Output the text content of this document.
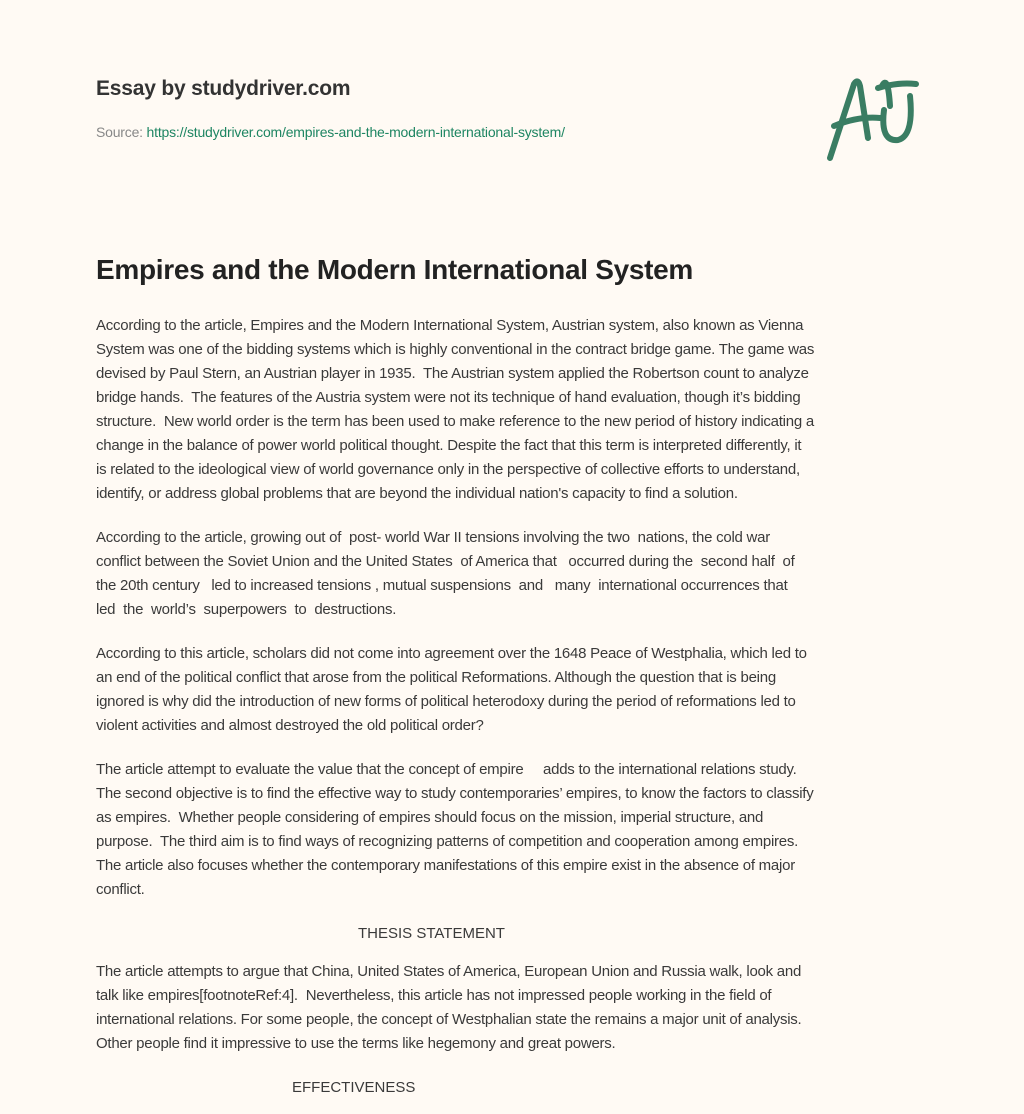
Essay by studydriver.com
Source: https://studydriver.com/empires-and-the-modern-international-system/
Empires and the Modern International System
According to the article, Empires and the Modern International System, Austrian system, also known as Vienna
System was one of the bidding systems which is highly conventional in the contract bridge game. The game was
devised by Paul Stern, an Austrian player in 1935.  The Austrian system applied the Robertson count to analyze
bridge hands.  The features of the Austria system were not its technique of hand evaluation, though it’s bidding
structure.  New world order is the term has been used to make reference to the new period of history indicating a
change in the balance of power world political thought. Despite the fact that this term is interpreted differently, it
is related to the ideological view of world governance only in the perspective of collective efforts to understand,
identify, or address global problems that are beyond the individual nation's capacity to find a solution.
According to the article, growing out of  post- world War II tensions involving the two  nations, the cold war
conflict between the Soviet Union and the United States  of America that   occurred during the  second half  of
the 20th century   led to increased tensions , mutual suspensions  and   many  international occurrences that
led  the  world’s  superpowers  to  destructions.
According to this article, scholars did not come into agreement over the 1648 Peace of Westphalia, which led to
an end of the political conflict that arose from the political Reformations. Although the question that is being
ignored is why did the introduction of new forms of political heterodoxy during the period of reformations led to
violent activities and almost destroyed the old political order?
The article attempt to evaluate the value that the concept of empire     adds to the international relations study.
The second objective is to find the effective way to study contemporaries’ empires, to know the factors to classify
as empires.  Whether people considering of empires should focus on the mission, imperial structure, and
purpose.  The third aim is to find ways of recognizing patterns of competition and cooperation among empires.
The article also focuses whether the contemporary manifestations of this empire exist in the absence of major
conflict.
THESIS STATEMENT
The article attempts to argue that China, United States of America, European Union and Russia walk, look and
talk like empires[footnoteRef:4].  Nevertheless, this article has not impressed people working in the field of
international relations. For some people, the concept of Westphalian state the remains a major unit of analysis.
Other people find it impressive to use the terms like hegemony and great powers.
EFFECTIVENESS
